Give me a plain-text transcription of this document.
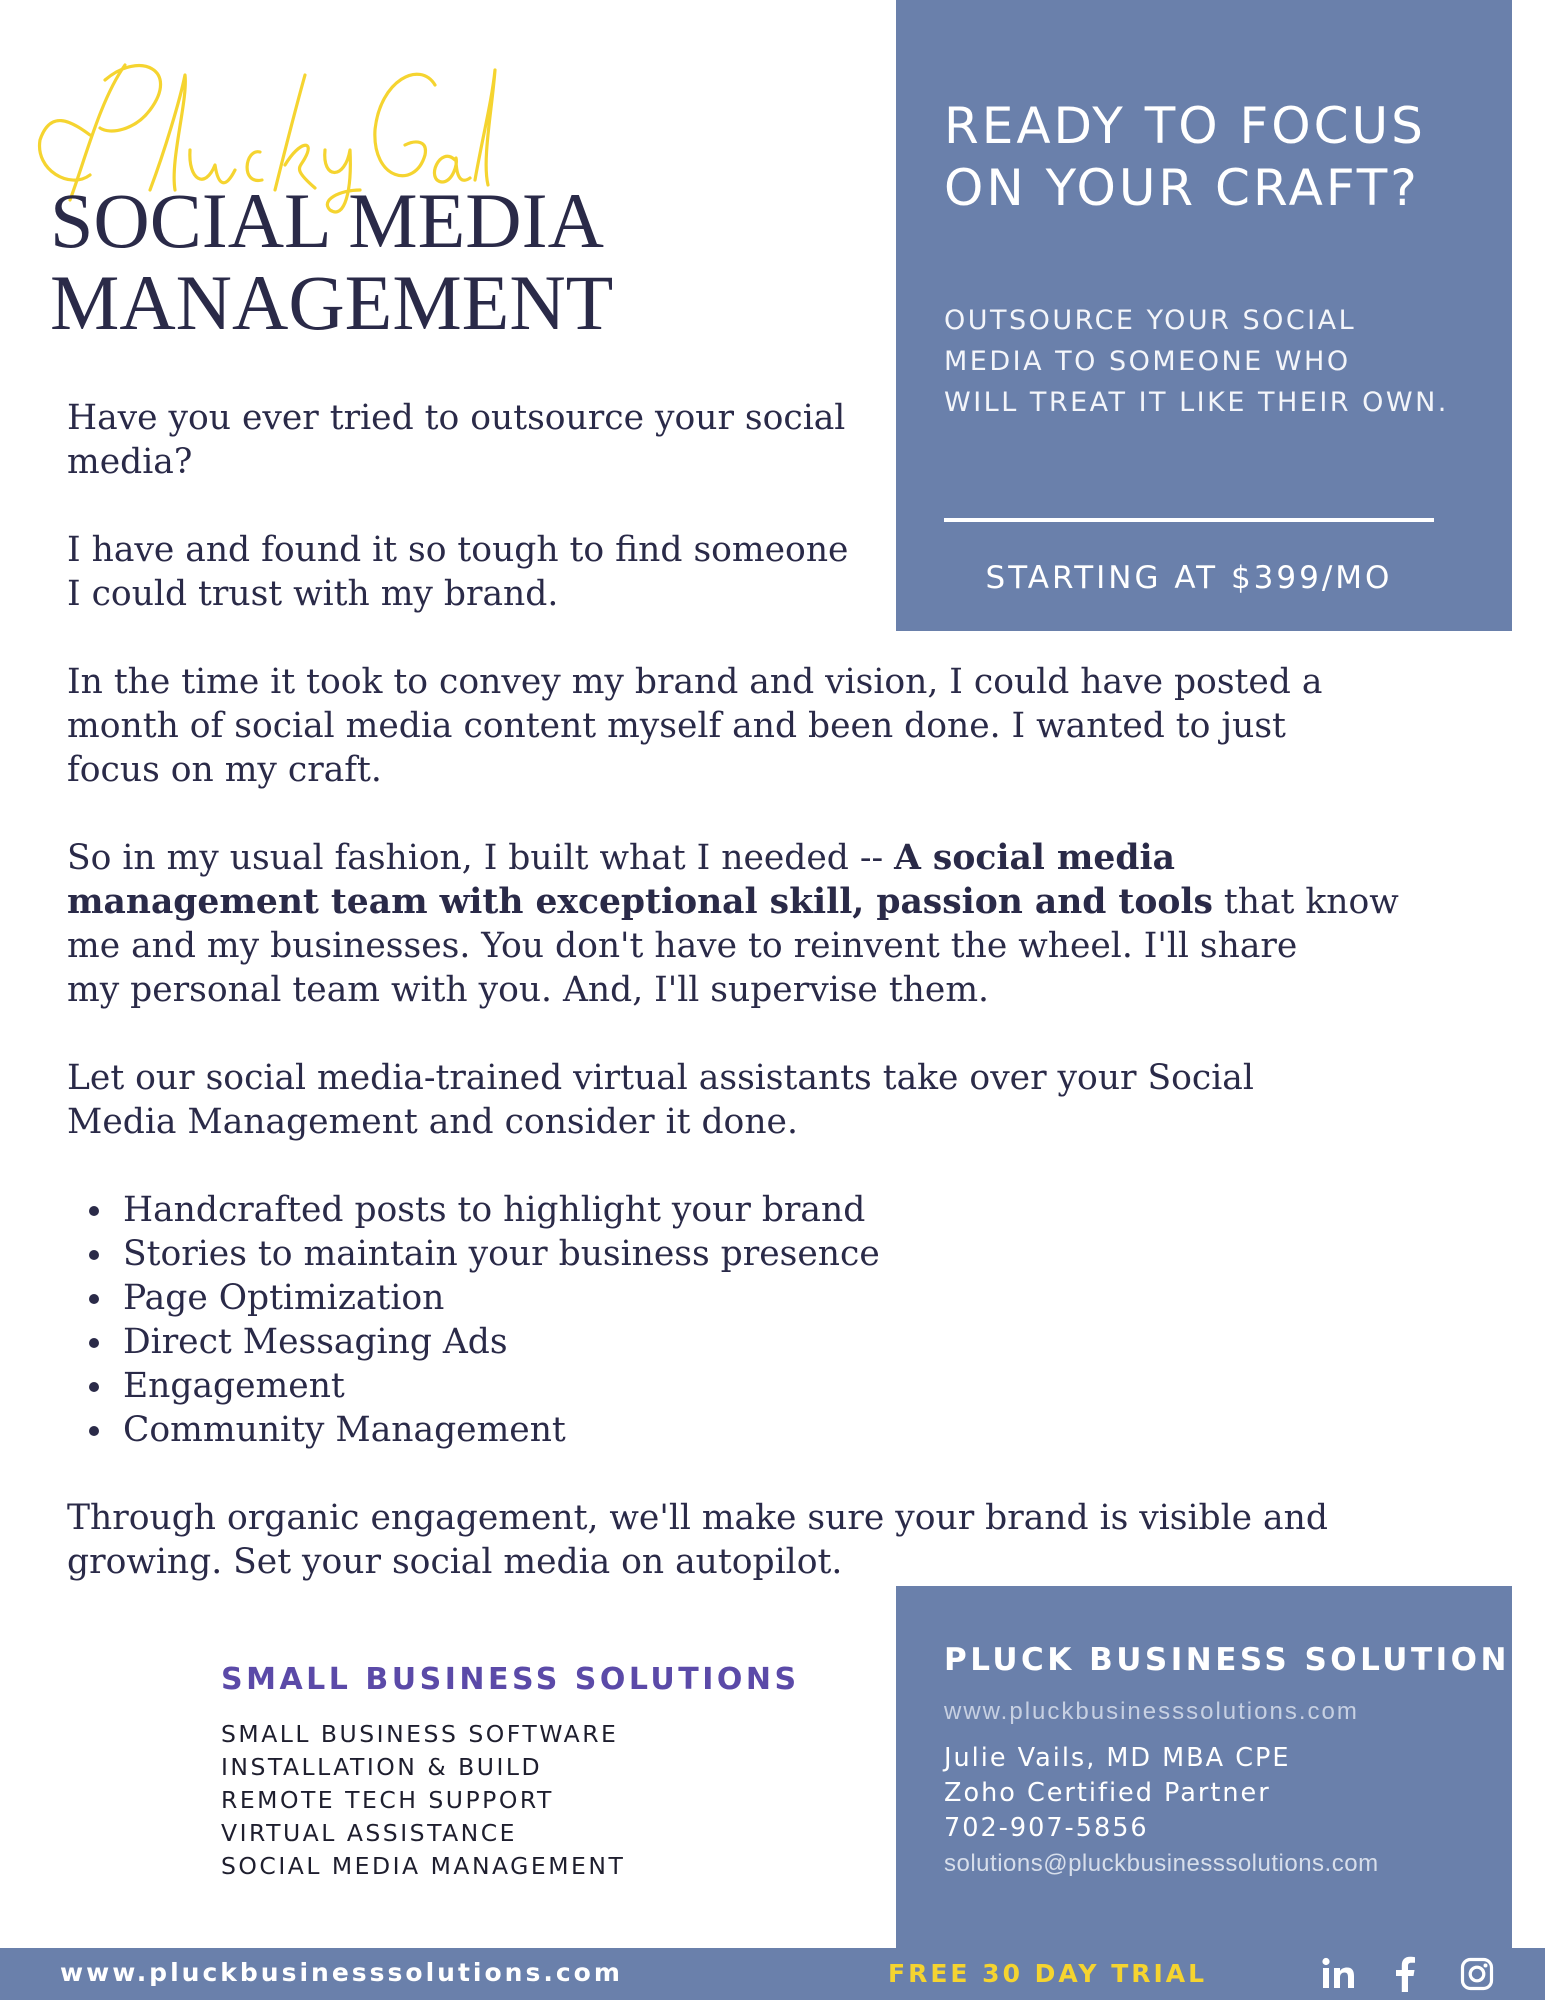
SOCIAL MEDIA
MANAGEMENT
READY TO FOCUS
ON YOUR CRAFT?
OUTSOURCE YOUR SOCIAL
MEDIA TO SOMEONE WHO
WILL TREAT IT LIKE THEIR OWN.
STARTING AT $399/MO

Have you ever tried to outsource your social
media?

I have and found it so tough to find someone
I could trust with my brand.

In the time it took to convey my brand and vision, I could have posted a
month of social media content myself and been done. I wanted to just
focus on my craft.

So in my usual fashion, I built what I needed -- A social media
management team with exceptional skill, passion and tools that know
me and my businesses. You don't have to reinvent the wheel. I'll share
my personal team with you. And, I'll supervise them.

Let our social media-trained virtual assistants take over your Social
Media Management and consider it done.

Handcrafted posts to highlight your brand
Stories to maintain your business presence
Page Optimization
Direct Messaging Ads
Engagement
Community Management

Through organic engagement, we'll make sure your brand is visible and
growing. Set your social media on autopilot.

SMALL BUSINESS SOLUTIONS
SMALL BUSINESS SOFTWARE
INSTALLATION & BUILD
REMOTE TECH SUPPORT
VIRTUAL ASSISTANCE
SOCIAL MEDIA MANAGEMENT
PLUCK BUSINESS SOLUTIONS
www.pluckbusinesssolutions.com
Julie Vails, MD MBA CPE
Zoho Certified Partner
702-907-5856
solutions@pluckbusinesssolutions.com
www.pluckbusinesssolutions.com	FREE 30 DAY TRIAL
